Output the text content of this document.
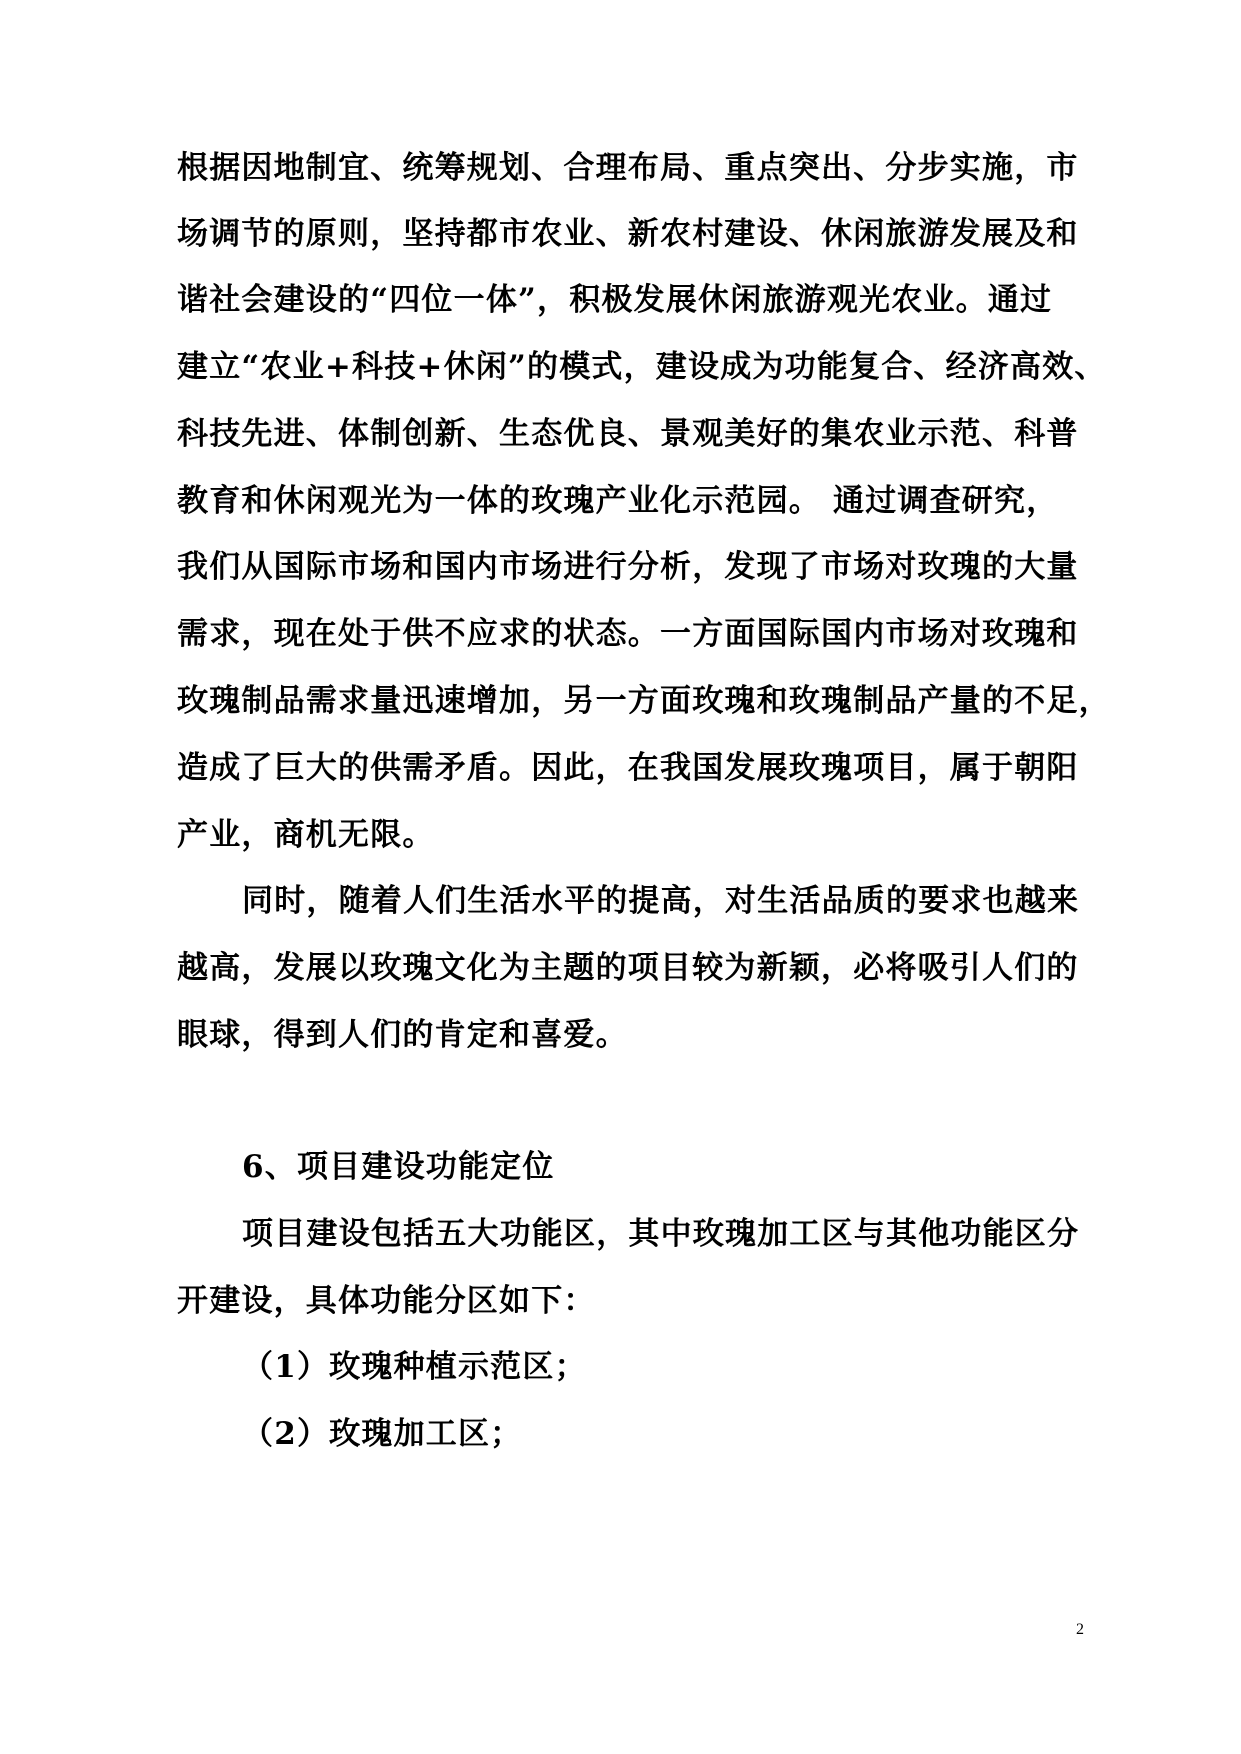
根据因地制宜、统筹规划、合理布局、重点突出、分步实施，市
场调节的原则，坚持都市农业、新农村建设、休闲旅游发展及和
谐社会建设的“四位一体”，积极发展休闲旅游观光农业。通过
建立“农业+科技+休闲”的模式，建设成为功能复合、经济高效、
科技先进、体制创新、生态优良、景观美好的集农业示范、科普
教育和休闲观光为一体的玫瑰产业化示范园。 通过调查研究，
我们从国际市场和国内市场进行分析，发现了市场对玫瑰的大量
需求，现在处于供不应求的状态。一方面国际国内市场对玫瑰和
玫瑰制品需求量迅速增加，另一方面玫瑰和玫瑰制品产量的不足，
造成了巨大的供需矛盾。因此，在我国发展玫瑰项目，属于朝阳
产业，商机无限。
同时，随着人们生活水平的提高，对生活品质的要求也越来
越高，发展以玫瑰文化为主题的项目较为新颖，必将吸引人们的
眼球，得到人们的肯定和喜爱。
6、项目建设功能定位
项目建设包括五大功能区，其中玫瑰加工区与其他功能区分
开建设，具体功能分区如下：
（1）玫瑰种植示范区；
（2）玫瑰加工区；
2
